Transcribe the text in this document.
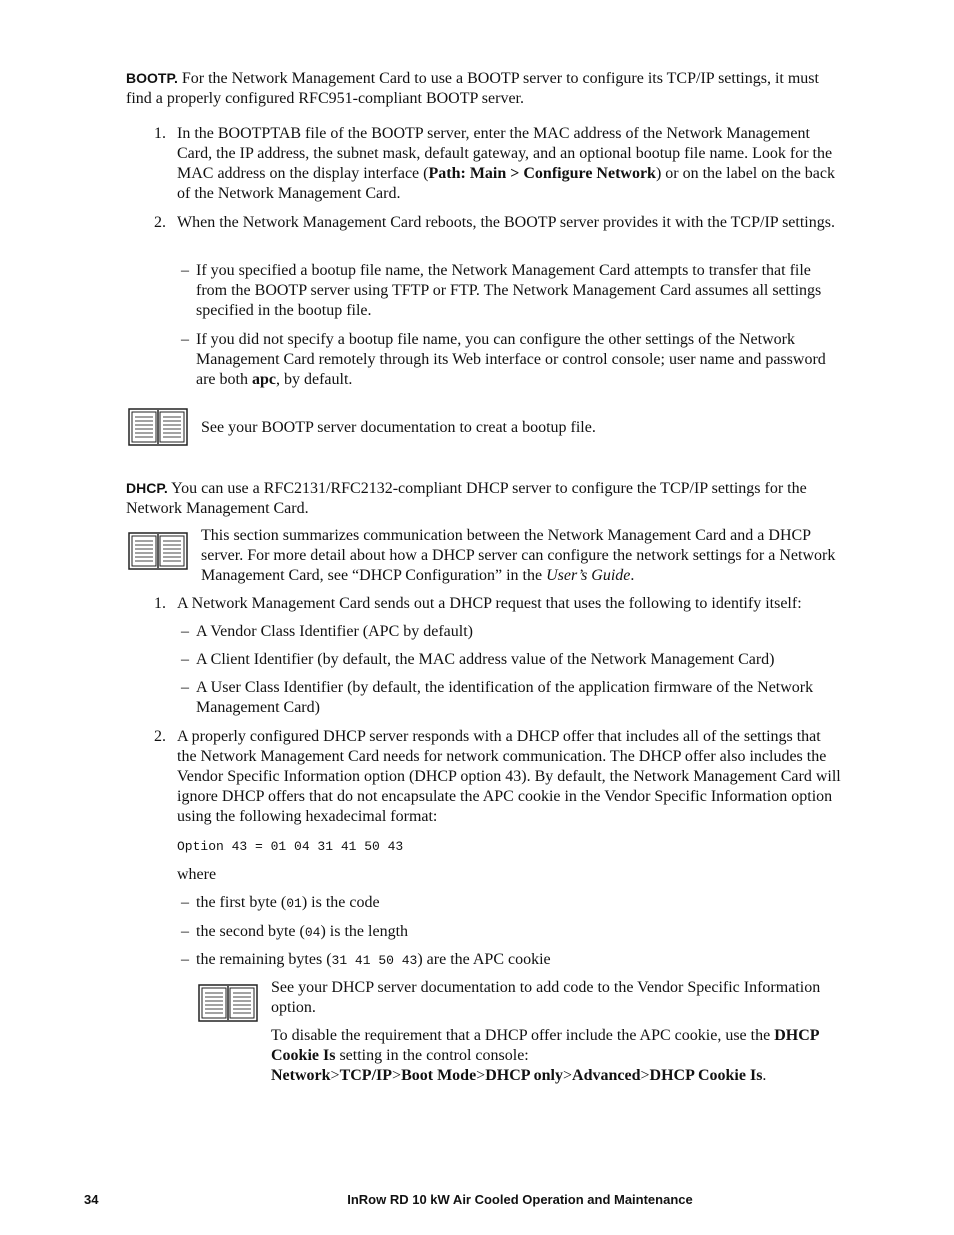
BOOTP. For the Network Management Card to use a BOOTP server to configure its TCP/IP settings, it must find a properly configured RFC951-compliant BOOTP server.
1. In the BOOTPTAB file of the BOOTP server, enter the MAC address of the Network Management Card, the IP address, the subnet mask, default gateway, and an optional bootup file name. Look for the MAC address on the display interface (Path: Main > Configure Network) or on the label on the back of the Network Management Card.
2. When the Network Management Card reboots, the BOOTP server provides it with the TCP/IP settings.
– If you specified a bootup file name, the Network Management Card attempts to transfer that file from the BOOTP server using TFTP or FTP. The Network Management Card assumes all settings specified in the bootup file.
– If you did not specify a bootup file name, you can configure the other settings of the Network Management Card remotely through its Web interface or control console; user name and password are both apc, by default.
See your BOOTP server documentation to creat a bootup file.
DHCP. You can use a RFC2131/RFC2132-compliant DHCP server to configure the TCP/IP settings for the Network Management Card.
This section summarizes communication between the Network Management Card and a DHCP server. For more detail about how a DHCP server can configure the network settings for a Network Management Card, see “DHCP Configuration” in the User’s Guide.
1. A Network Management Card sends out a DHCP request that uses the following to identify itself:
– A Vendor Class Identifier (APC by default)
– A Client Identifier (by default, the MAC address value of the Network Management Card)
– A User Class Identifier (by default, the identification of the application firmware of the Network Management Card)
2. A properly configured DHCP server responds with a DHCP offer that includes all of the settings that the Network Management Card needs for network communication. The DHCP offer also includes the Vendor Specific Information option (DHCP option 43). By default, the Network Management Card will ignore DHCP offers that do not encapsulate the APC cookie in the Vendor Specific Information option using the following hexadecimal format:
Option 43 = 01 04 31 41 50 43
where
– the first byte (01) is the code
– the second byte (04) is the length
– the remaining bytes (31 41 50 43) are the APC cookie
See your DHCP server documentation to add code to the Vendor Specific Information option.
To disable the requirement that a DHCP offer include the APC cookie, use the DHCP Cookie Is setting in the control console:
Network>TCP/IP>Boot Mode>DHCP only>Advanced>DHCP Cookie Is.
34	InRow RD 10 kW Air Cooled Operation and Maintenance
